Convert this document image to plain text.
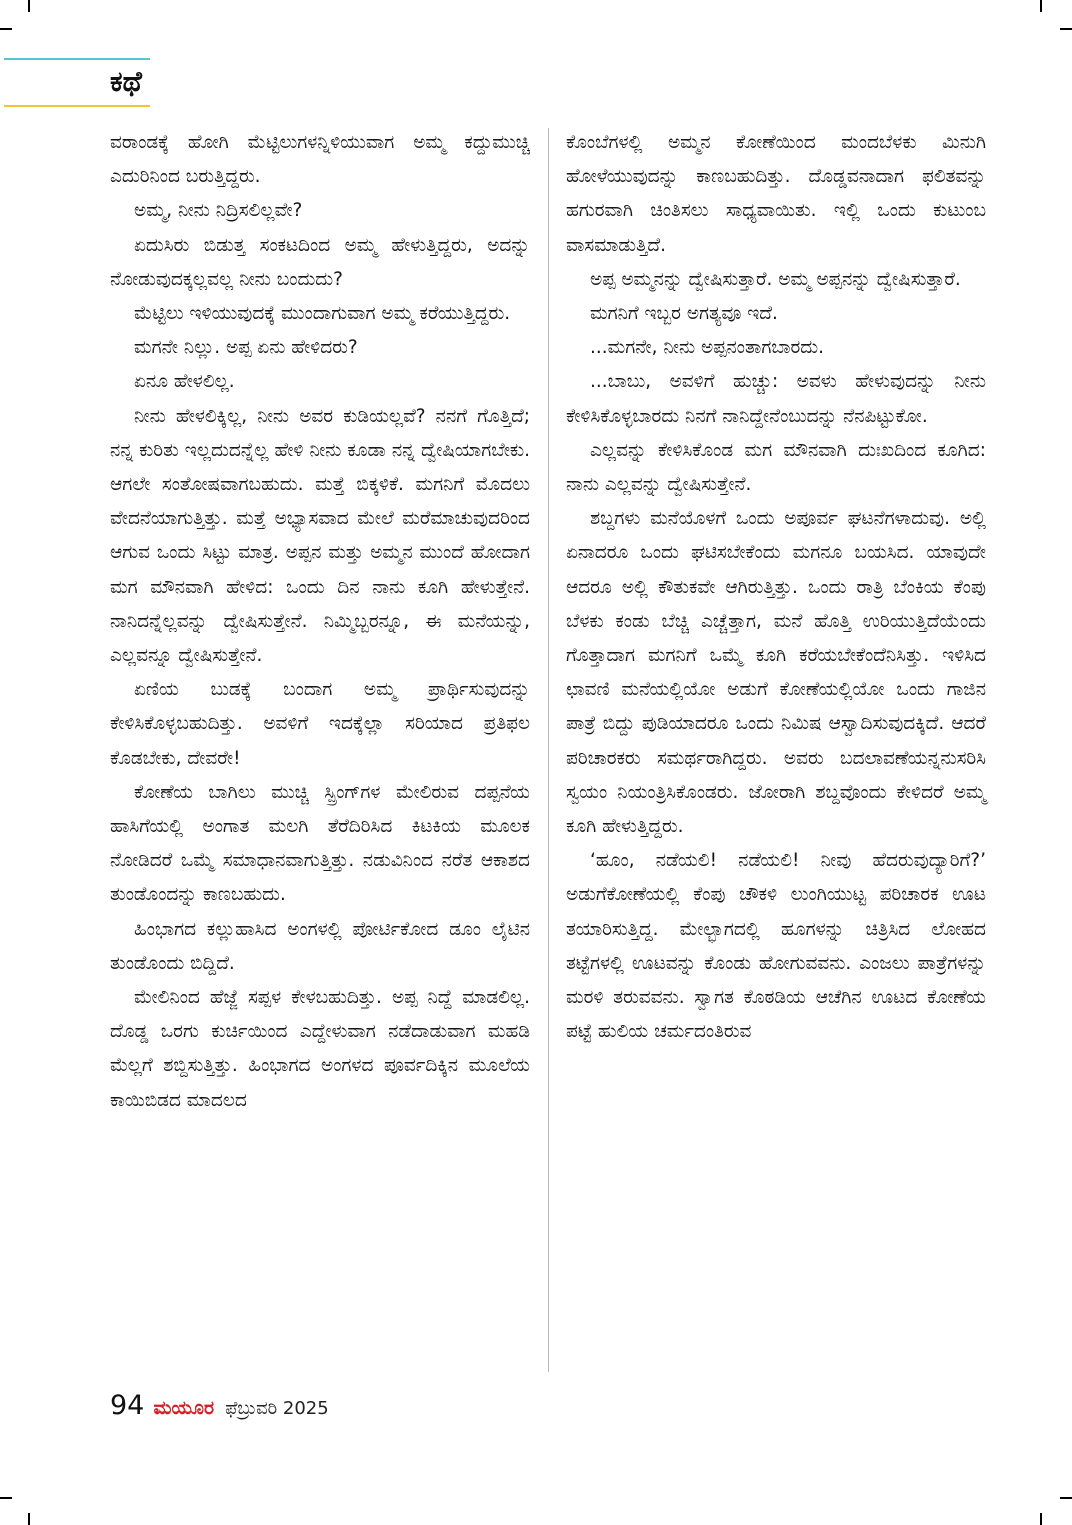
ಕಥೆ

ವರಾಂಡಕ್ಕೆ ಹೋಗಿ ಮೆಟ್ಟಿಲುಗಳನ್ನಿಳಿಯುವಾಗ ಅಮ್ಮ ಕದ್ದುಮುಚ್ಚಿ ಎದುರಿನಿಂದ ಬರುತ್ತಿದ್ದರು.

ಅಮ್ಮ, ನೀನು ನಿದ್ರಿಸಲಿಲ್ಲವೇ?

ಏದುಸಿರು ಬಿಡುತ್ತ ಸಂಕಟದಿಂದ ಅಮ್ಮ ಹೇಳುತ್ತಿದ್ದರು, ಅದನ್ನು ನೋಡುವುದಕ್ಕಲ್ಲವಲ್ಲ ನೀನು ಬಂದುದು?

ಮೆಟ್ಟಿಲು ಇಳಿಯುವುದಕ್ಕೆ ಮುಂದಾಗುವಾಗ ಅಮ್ಮ ಕರೆಯುತ್ತಿದ್ದರು.

ಮಗನೇ ನಿಲ್ಲು. ಅಪ್ಪ ಏನು ಹೇಳಿದರು?

ಏನೂ ಹೇಳಲಿಲ್ಲ.

ನೀನು ಹೇಳಲಿಕ್ಕಿಲ್ಲ, ನೀನು ಅವರ ಕುಡಿಯಲ್ಲವೆ? ನನಗೆ ಗೊತ್ತಿದೆ; ನನ್ನ ಕುರಿತು ಇಲ್ಲದುದನ್ನೆಲ್ಲ ಹೇಳಿ ನೀನು ಕೂಡಾ ನನ್ನ ದ್ವೇಷಿಯಾಗಬೇಕು. ಆಗಲೇ ಸಂತೋಷವಾಗಬಹುದು. ಮತ್ತೆ ಬಿಕ್ಕಳಿಕೆ. ಮಗನಿಗೆ ಮೊದಲು ವೇದನೆಯಾಗುತ್ತಿತ್ತು. ಮತ್ತೆ ಅಭ್ಯಾಸವಾದ ಮೇಲೆ ಮರೆಮಾಚುವುದರಿಂದ ಆಗುವ ಒಂದು ಸಿಟ್ಟು ಮಾತ್ರ. ಅಪ್ಪನ ಮತ್ತು ಅಮ್ಮನ ಮುಂದೆ ಹೋದಾಗ ಮಗ ಮೌನವಾಗಿ ಹೇಳಿದ: ಒಂದು ದಿನ ನಾನು ಕೂಗಿ ಹೇಳುತ್ತೇನೆ. ನಾನಿದನ್ನೆಲ್ಲವನ್ನು ದ್ವೇಷಿಸುತ್ತೇನೆ. ನಿಮ್ಮಿಬ್ಬರನ್ನೂ, ಈ ಮನೆಯನ್ನು, ಎಲ್ಲವನ್ನೂ ದ್ವೇಷಿಸುತ್ತೇನೆ.

ಏಣಿಯ ಬುಡಕ್ಕೆ ಬಂದಾಗ ಅಮ್ಮ ಪ್ರಾರ್ಥಿಸುವುದನ್ನು ಕೇಳಿಸಿಕೊಳ್ಳಬಹುದಿತ್ತು. ಅವಳಿಗೆ ಇದಕ್ಕೆಲ್ಲಾ ಸರಿಯಾದ ಪ್ರತಿಫಲ ಕೊಡಬೇಕು, ದೇವರೇ!

ಕೋಣೆಯ ಬಾಗಿಲು ಮುಚ್ಚಿ ಸ್ಪ್ರಿಂಗ್‌ಗಳ ಮೇಲಿರುವ ದಪ್ಪನೆಯ ಹಾಸಿಗೆಯಲ್ಲಿ ಅಂಗಾತ ಮಲಗಿ ತೆರೆದಿರಿಸಿದ ಕಿಟಕಿಯ ಮೂಲಕ ನೋಡಿದರೆ ಒಮ್ಮೆ ಸಮಾಧಾನವಾಗುತ್ತಿತ್ತು. ನಡುವಿನಿಂದ ನರೆತ ಆಕಾಶದ ತುಂಡೊಂದನ್ನು ಕಾಣಬಹುದು.

ಹಿಂಭಾಗದ ಕಲ್ಲುಹಾಸಿದ ಅಂಗಳಲ್ಲಿ ಪೋರ್ಟಿಕೋದ ಡೂಂ ಲೈಟಿನ ತುಂಡೊಂದು ಬಿದ್ದಿದೆ.

ಮೇಲಿನಿಂದ ಹೆಜ್ಜೆ ಸಪ್ಪಳ ಕೇಳಬಹುದಿತ್ತು. ಅಪ್ಪ ನಿದ್ದೆ ಮಾಡಲಿಲ್ಲ. ದೊಡ್ಡ ಒರಗು ಕುರ್ಚಿಯಿಂದ ಎದ್ದೇಳುವಾಗ ನಡೆದಾಡುವಾಗ ಮಹಡಿ ಮೆಲ್ಲಗೆ ಶಬ್ದಿಸುತ್ತಿತ್ತು. ಹಿಂಭಾಗದ ಅಂಗಳದ ಪೂರ್ವದಿಕ್ಕಿನ ಮೂಲೆಯ ಕಾಯಿಬಿಡದ ಮಾದಲದ

ಕೊಂಬೆಗಳಲ್ಲಿ ಅಮ್ಮನ ಕೋಣೆಯಿಂದ ಮಂದಬೆಳಕು ಮಿನುಗಿ ಹೋಳೆಯುವುದನ್ನು ಕಾಣಬಹುದಿತ್ತು. ದೊಡ್ಡವನಾದಾಗ ಫಲಿತವನ್ನು ಹಗುರವಾಗಿ ಚಿಂತಿಸಲು ಸಾಧ್ಯವಾಯಿತು. ಇಲ್ಲಿ ಒಂದು ಕುಟುಂಬ ವಾಸಮಾಡುತ್ತಿದೆ.

ಅಪ್ಪ ಅಮ್ಮನನ್ನು ದ್ವೇಷಿಸುತ್ತಾರೆ. ಅಮ್ಮ ಅಪ್ಪನನ್ನು ದ್ವೇಷಿಸುತ್ತಾರೆ.

ಮಗನಿಗೆ ಇಬ್ಬರ ಅಗತ್ಯವೂ ಇದೆ.

...ಮಗನೇ, ನೀನು ಅಪ್ಪನಂತಾಗಬಾರದು.

...ಬಾಬು, ಅವಳಿಗೆ ಹುಚ್ಚು: ಅವಳು ಹೇಳುವುದನ್ನು ನೀನು ಕೇಳಿಸಿಕೊಳ್ಳಬಾರದು ನಿನಗೆ ನಾನಿದ್ದೇನೆಂಬುದನ್ನು ನೆನಪಿಟ್ಟುಕೋ.

ಎಲ್ಲವನ್ನು ಕೇಳಿಸಿಕೊಂಡ ಮಗ ಮೌನವಾಗಿ ದುಃಖದಿಂದ ಕೂಗಿದ: ನಾನು ಎಲ್ಲವನ್ನು ದ್ವೇಷಿಸುತ್ತೇನೆ.

ಶಬ್ದಗಳು ಮನೆಯೊಳಗೆ ಒಂದು ಅಪೂರ್ವ ಘಟನೆಗಳಾದುವು. ಅಲ್ಲಿ ಏನಾದರೂ ಒಂದು ಘಟಿಸಬೇಕೆಂದು ಮಗನೂ ಬಯಸಿದ. ಯಾವುದೇ ಆದರೂ ಅಲ್ಲಿ ಕೌತುಕವೇ ಆಗಿರುತ್ತಿತ್ತು. ಒಂದು ರಾತ್ರಿ ಬೆಂಕಿಯ ಕೆಂಪು ಬೆಳಕು ಕಂಡು ಬೆಚ್ಚಿ ಎಚ್ಚೆತ್ತಾಗ, ಮನೆ ಹೊತ್ತಿ ಉರಿಯುತ್ತಿದೆಯೆಂದು ಗೊತ್ತಾದಾಗ ಮಗನಿಗೆ ಒಮ್ಮೆ ಕೂಗಿ ಕರೆಯಬೇಕೆಂದೆನಿಸಿತ್ತು. ಇಳಿಸಿದ ಛಾವಣಿ ಮನೆಯಲ್ಲಿಯೋ ಅಡುಗೆ ಕೋಣೆಯಲ್ಲಿಯೋ ಒಂದು ಗಾಜಿನ ಪಾತ್ರೆ ಬಿದ್ದು ಪುಡಿಯಾದರೂ ಒಂದು ನಿಮಿಷ ಆಸ್ವಾದಿಸುವುದಕ್ಕಿದೆ. ಆದರೆ ಪರಿಚಾರಕರು ಸಮರ್ಥರಾಗಿದ್ದರು. ಅವರು ಬದಲಾವಣೆಯನ್ನನುಸರಿಸಿ ಸ್ವಯಂ ನಿಯಂತ್ರಿಸಿಕೊಂಡರು. ಜೋರಾಗಿ ಶಬ್ದವೊಂದು ಕೇಳಿದರೆ ಅಮ್ಮ ಕೂಗಿ ಹೇಳುತ್ತಿದ್ದರು.

‘ಹೂಂ, ನಡೆಯಲಿ! ನಡೆಯಲಿ! ನೀವು ಹೆದರುವುದ್ಯಾರಿಗೆ?’ ಅಡುಗೆಕೋಣೆಯಲ್ಲಿ ಕೆಂಪು ಚೌಕಳಿ ಲುಂಗಿಯುಟ್ಟ ಪರಿಚಾರಕ ಊಟ ತಯಾರಿಸುತ್ತಿದ್ದ. ಮೇಲ್ಭಾಗದಲ್ಲಿ ಹೂಗಳನ್ನು ಚಿತ್ರಿಸಿದ ಲೋಹದ ತಟ್ಟೆಗಳಲ್ಲಿ ಊಟವನ್ನು ಕೊಂಡು ಹೋಗುವವನು. ಎಂಜಲು ಪಾತ್ರೆಗಳನ್ನು ಮರಳಿ ತರುವವನು. ಸ್ವಾಗತ ಕೊಠಡಿಯ ಆಚೆಗಿನ ಊಟದ ಕೋಣೆಯ ಪಟ್ಟೆ ಹುಲಿಯ ಚರ್ಮದಂತಿರುವ

94 ಮಯೂರ ಫೆಬ್ರುವರಿ 2025
